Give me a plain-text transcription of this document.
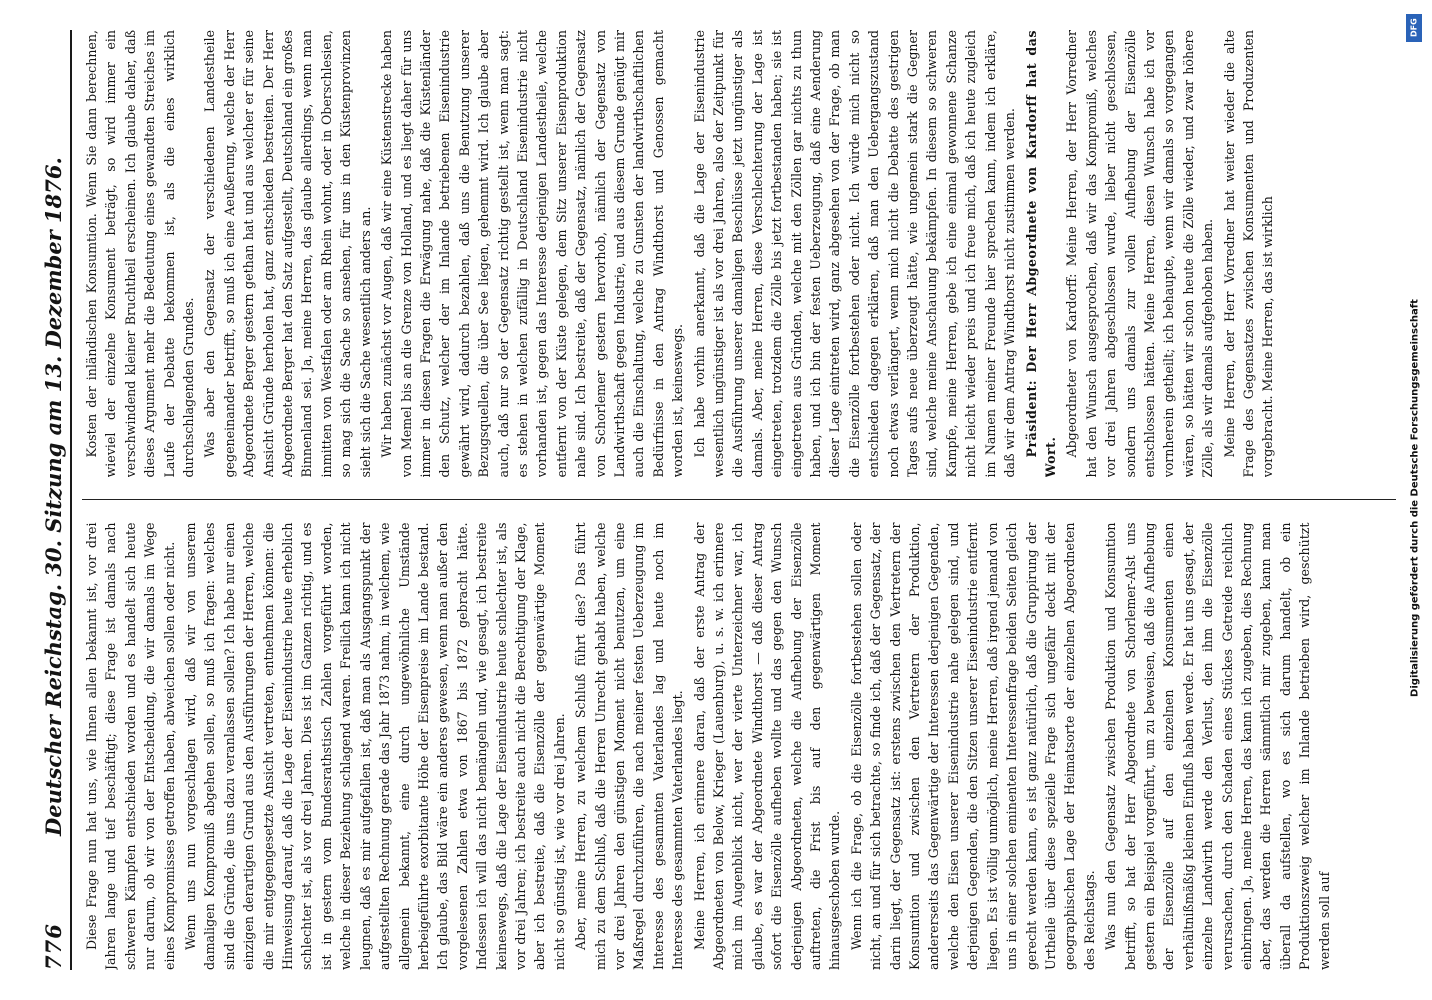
776
Deutscher Reichstag. 30. Sitzung am 13. Dezember 1876. Diese Frage nun hat uns, wie Ihnen allen bekannt ist, vor drei Jahren lange und tief beschäftigt; diese Frage ist damals nach schweren Kämpfen entschieden worden und es handelt sich heute nur darum, ob wir von der Entscheidung, die wir damals im Wege eines Kompromisses getroffen haben, abweichen sollen oder nicht. Wenn uns nun vorgeschlagen wird, daß wir von unserem damaligen Kompromiß abgehen sollen, so muß ich fragen: welches sind die Gründe, die uns dazu veranlassen sollen? Ich habe nur einen einzigen derartigen Grund aus den Ausführungen der Herren, welche die mir entgegengesetzte Ansicht vertreten, entnehmen können: die Hinweisung darauf, daß die Lage der Eisenindustrie heute erheblich schlechter ist, als vor drei Jahren. Dies ist im Ganzen richtig, und es ist in gestern vom Bundesrathstisch Zahlen vorgeführt worden, welche in dieser Beziehung schlagend waren. Freilich kann ich nicht leugnen, daß es mir aufgefallen ist, daß man als Ausgangspunkt der aufgestellten Rechnung gerade das Jahr 1873 nahm, in welchem, wie allgemein bekannt, eine durch ungewöhnliche Umstände herbeigeführte exorbitante Höhe der Eisenpreise im Lande bestand. Ich glaube, das Bild wäre ein anderes gewesen, wenn man außer den vorgelesenen Zahlen etwa von 1867 bis 1872 gebracht hätte. Indessen ich will das nicht bemängeln und, wie gesagt, ich bestreite keineswegs, daß die Lage der Eisenindustrie heute schlechter ist, als vor drei Jahren; ich bestreite auch nicht die Berechtigung der Klage, aber ich bestreite, daß die Eisenzölle der gegenwärtige Moment nicht so günstig ist, wie vor drei Jahren. Aber, meine Herren, zu welchem Schluß führt dies? Das führt mich zu dem Schluß, daß die Herren Unrecht gehabt haben, welche vor drei Jahren den günstigen Moment nicht benutzen, um eine Maßregel durchzuführen, die nach meiner festen Ueberzeugung im Interesse des gesammten Vaterlandes lag und heute noch im Interesse des gesammten Vaterlandes liegt. Meine Herren, ich erinnere daran, daß der erste Antrag der Abgeordneten von Below, Krieger (Lauenburg), u. s. w. ich erinnere mich im Augenblick nicht, wer der vierte Unterzeichner war, ich glaube, es war der Abgeordnete Windthorst — daß dieser Antrag sofort die Eisenzölle aufheben wollte und das gegen den Wunsch derjenigen Abgeordneten, welche die Aufhebung der Eisenzölle auftreten, die Frist bis auf den gegenwärtigen Moment hinausgeschoben wurde. Wenn ich die Frage, ob die Eisenzölle fortbestehen sollen oder nicht, an und für sich betrachte, so finde ich, daß der Gegensatz, der darin liegt, der Gegensatz ist: erstens zwischen den Vertretern der Konsumtion und zwischen den Vertretern der Produktion, andererseits das Gegenwärtige der Interessen derjenigen Gegenden, welche den Eisen unserer Eisenindustrie nahe gelegen sind, und derjenigen Gegenden, die den Sitzen unserer Eisenindustrie entfernt liegen. Es ist völlig unmöglich, meine Herren, daß irgend jemand von uns in einer solchen eminenten Interessenfrage beiden Seiten gleich gerecht werden kann, es ist ganz natürlich, daß die Gruppirung der Urtheile über diese spezielle Frage sich ungefähr deckt mit der geographischen Lage der Heimatsorte der einzelnen Abgeordneten des Reichstags. Was nun den Gegensatz zwischen Produktion und Konsumtion betrifft, so hat der Herr Abgeordnete von Schorlemer-Alst uns gestern ein Beispiel vorgeführt, um zu beweisen, daß die Aufhebung der Eisenzölle auf den einzelnen Konsumenten einen verhältnißmäßig kleinen Einfluß haben werde. Er hat uns gesagt, der einzelne Landwirth werde den Verlust, den ihm die Eisenzölle verursachen, durch den Schaden eines Stückes Getreide reichlich einbringen. Ja, meine Herren, das kann ich zugeben, dies Rechnung aber, das werden die Herren sämmtlich mir zugeben, kann man überall da aufstellen, wo es sich darum handelt, ob ein Produktionszweig welcher im Inlande betrieben wird, geschützt werden soll auf

Kosten der inländischen Konsumtion. Wenn Sie dann berechnen, wieviel der einzelne Konsument beträgt, so wird immer ein verschwindend kleiner Bruchtheil erscheinen. Ich glaube daher, daß dieses Argument mehr die Bedeutung eines gewandten Streiches im Laufe der Debatte bekommen ist, als die eines wirklich durchschlagenden Grundes. Was aber den Gegensatz der verschiedenen Landestheile gegeneinander betrifft, so muß ich eine Aeußerung, welche der Herr Abgeordnete Berger gestern gethan hat und aus welcher er für seine Ansicht Gründe herholen hat, ganz entschieden bestreiten. Der Herr Abgeordnete Berger hat den Satz aufgestellt, Deutschland ein großes Binnenland sei. Ja, meine Herren, das glaube allerdings, wenn man inmitten von Westfalen oder am Rhein wohnt, oder in Oberschlesien, so mag sich die Sache so ansehen, für uns in den Küstenprovinzen sieht sich die Sache wesentlich anders an. Wir haben zunächst vor Augen, daß wir eine Küstenstrecke haben von Memel bis an die Grenze von Holland, und es liegt daher für uns immer in diesen Fragen die Erwägung nahe, daß die Küstenländer den Schutz, welcher der im Inlande betriebenen Eisenindustrie gewährt wird, dadurch bezahlen, daß uns die Benutzung unserer Bezugsquellen, die über See liegen, gehemmt wird. Ich glaube aber auch, daß nur so der Gegensatz richtig gestellt ist, wenn man sagt: es stehen in welchen zufällig in Deutschland Eisenindustrie nicht vorhanden ist, gegen das Interesse derjenigen Landestheile, welche entfernt von der Küste gelegen, dem Sitz unserer Eisenproduktion nahe sind. Ich bestreite, daß der Gegensatz, nämlich der Gegensatz von Schorlemer gestern hervorhob, nämlich der Gegensatz von Landwirthschaft gegen Industrie, und aus diesem Grunde genügt mir auch die Einschaltung, welche zu Gunsten der landwirthschaftlichen Bedürfnisse in den Antrag Windthorst und Genossen gemacht worden ist, keineswegs. Ich habe vorhin anerkannt, daß die Lage der Eisenindustrie wesentlich ungünstiger ist als vor drei Jahren, also der Zeitpunkt für die Ausführung unserer damaligen Beschlüsse jetzt ungünstiger als damals. Aber, meine Herren, diese Verschlechterung der Lage ist eingetreten, trotzdem die Zölle bis jetzt fortbestanden haben; sie ist eingetreten aus Gründen, welche mit den Zöllen gar nichts zu thun haben, und ich bin der festen Ueberzeugung, daß eine Aenderung dieser Lage eintreten wird, ganz abgesehen von der Frage, ob man die Eisenzölle fortbestehen oder nicht. Ich würde mich nicht so entschieden dagegen erklären, daß man den Uebergangszustand noch etwas verlängert, wenn mich nicht die Debatte des gestrigen Tages aufs neue überzeugt hätte, wie ungemein stark die Gegner sind, welche meine Anschauung bekämpfen. In diesem so schweren Kampfe, meine Herren, gebe ich eine einmal gewonnene Schanze nicht leicht wieder preis und ich freue mich, daß ich heute zugleich im Namen meiner Freunde hier sprechen kann, indem ich erkläre, daß wir dem Antrag Windthorst nicht zustimmen werden. Präsident: Der Herr Abgeordnete von Kardorff hat das Wort. Abgeordneter von Kardorff: Meine Herren, der Herr Vorredner hat den Wunsch ausgesprochen, daß wir das Kompromiß, welches vor drei Jahren abgeschlossen wurde, lieber nicht geschlossen, sondern uns damals zur vollen Aufhebung der Eisenzölle entschlossen hätten. Meine Herren, diesen Wunsch habe ich vor vornherein getheilt; ich behaupte, wenn wir damals so vorgegangen wären, so hätten wir schon heute die Zölle wieder, und zwar höhere Zölle, als wir damals aufgehoben haben. Meine Herren, der Herr Vorredner hat weiter wieder die alte Frage des Gegensatzes zwischen Konsumenten und Produzenten vorgebracht. Meine Herren, das ist wirklich

DFG
Digitalisierung gefördert durch die Deutsche Forschungsgemeinschaft
